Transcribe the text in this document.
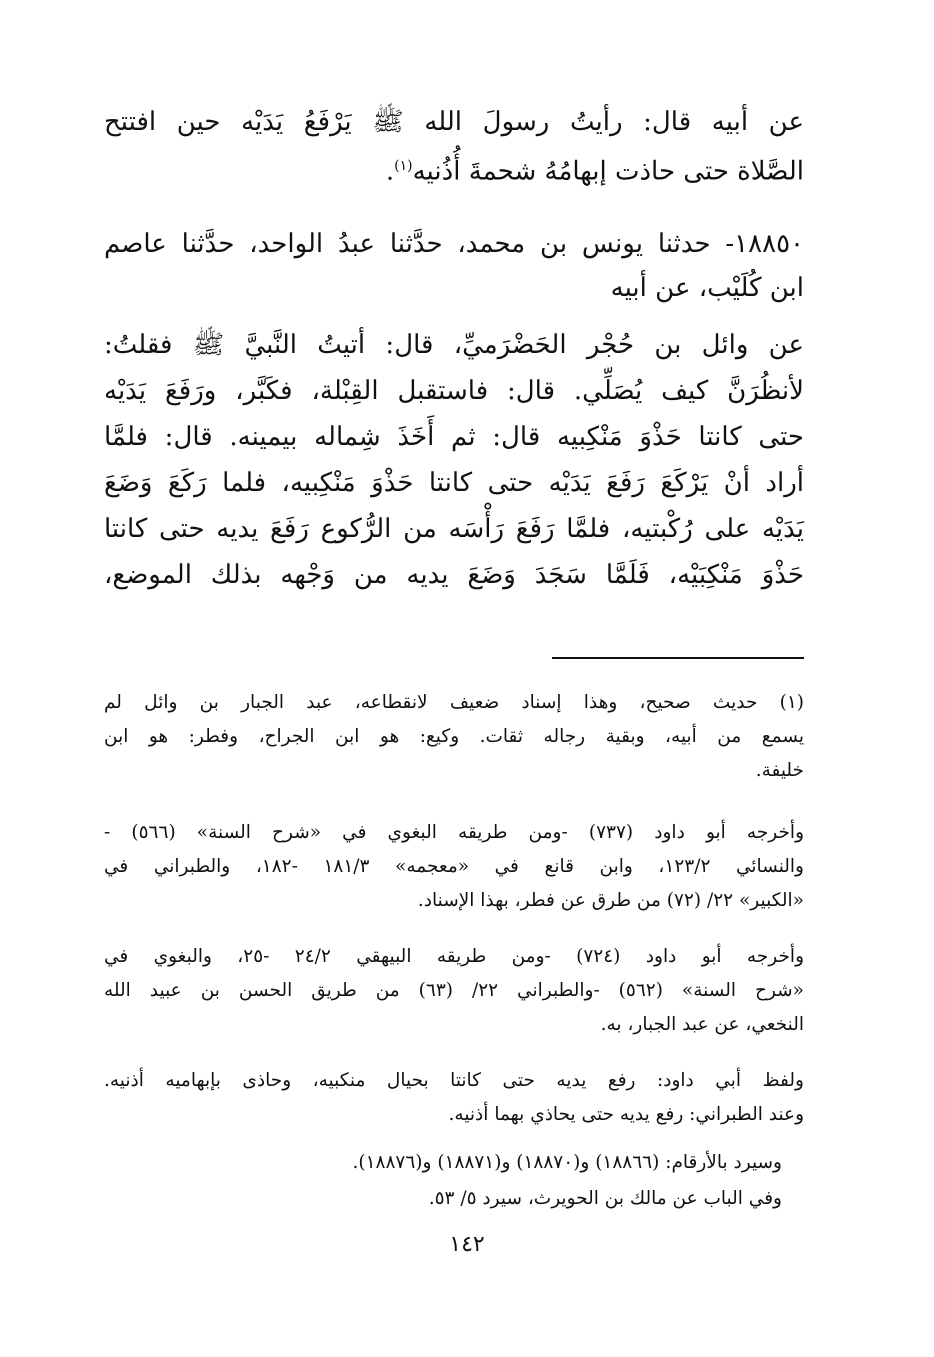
عن أبيه قال: رأيتُ رسولَ الله ﷺ يَرْفَعُ يَدَيْه حين افتتح
الصَّلاة حتى حاذت إبهامُهُ شحمةَ أُذُنيه$^{(١)}$.
١٨٨٥٠- حدثنا يونس بن محمد، حدَّثنا عبدُ الواحد، حدَّثنا عاصم
ابن كُلَيْب، عن أبيه
عن وائل بن حُجْر الحَضْرَميِّ، قال: أتيتُ النَّبيَّ ﷺ فقلتُ:
لأنظُرَنَّ كيف يُصَلِّي. قال: فاستقبل القِبْلة، فكَبَّر، ورَفَعَ يَدَيْه
حتى كانتا حَذْوَ مَنْكِبيه قال: ثم أَخَذَ شِماله بيمينه. قال: فلمَّا
أراد أنْ يَرْكَعَ رَفَعَ يَدَيْه حتى كانتا حَذْوَ مَنْكِبيه، فلما رَكَعَ وَضَعَ
يَدَيْه على رُكْبتيه، فلمَّا رَفَعَ رَأْسَه من الرُّكوع رَفَعَ يديه حتى كانتا
حَذْوَ مَنْكِبَيْه، فَلَمَّا سَجَدَ وَضَعَ يديه من وَجْهه بذلك الموضع،
(١) حديث صحيح، وهذا إسناد ضعيف لانقطاعه، عبد الجبار بن وائل لم
يسمع من أبيه، وبقية رجاله ثقات. وكيع: هو ابن الجراح، وفطر: هو ابن
خليفة.
وأخرجه أبو داود (٧٣٧) -ومن طريقه البغوي في «شرح السنة» (٥٦٦) -
والنسائي ١٢٣/٢، وابن قانع في «معجمه» ١٨١/٣ -١٨٢، والطبراني في
«الكبير» ٢٢/ (٧٢) من طرق عن فطر، بهذا الإسناد.
وأخرجه أبو داود (٧٢٤) -ومن طريقه البيهقي ٢٤/٢ -٢٥، والبغوي في
«شرح السنة» (٥٦٢) -والطبراني ٢٢/ (٦٣) من طريق الحسن بن عبيد الله
النخعي، عن عبد الجبار، به.
ولفظ أبي داود: رفع يديه حتى كانتا بحيال منكبيه، وحاذى بإبهاميه أذنيه.
وعند الطبراني: رفع يديه حتى يحاذي بهما أذنيه.
وسيرد بالأرقام: (١٨٨٦٦) و(١٨٨٧٠) و(١٨٨٧١) و(١٨٨٧٦).
وفي الباب عن مالك بن الحويرث، سيرد ٥/ ٥٣.
١٤٢
